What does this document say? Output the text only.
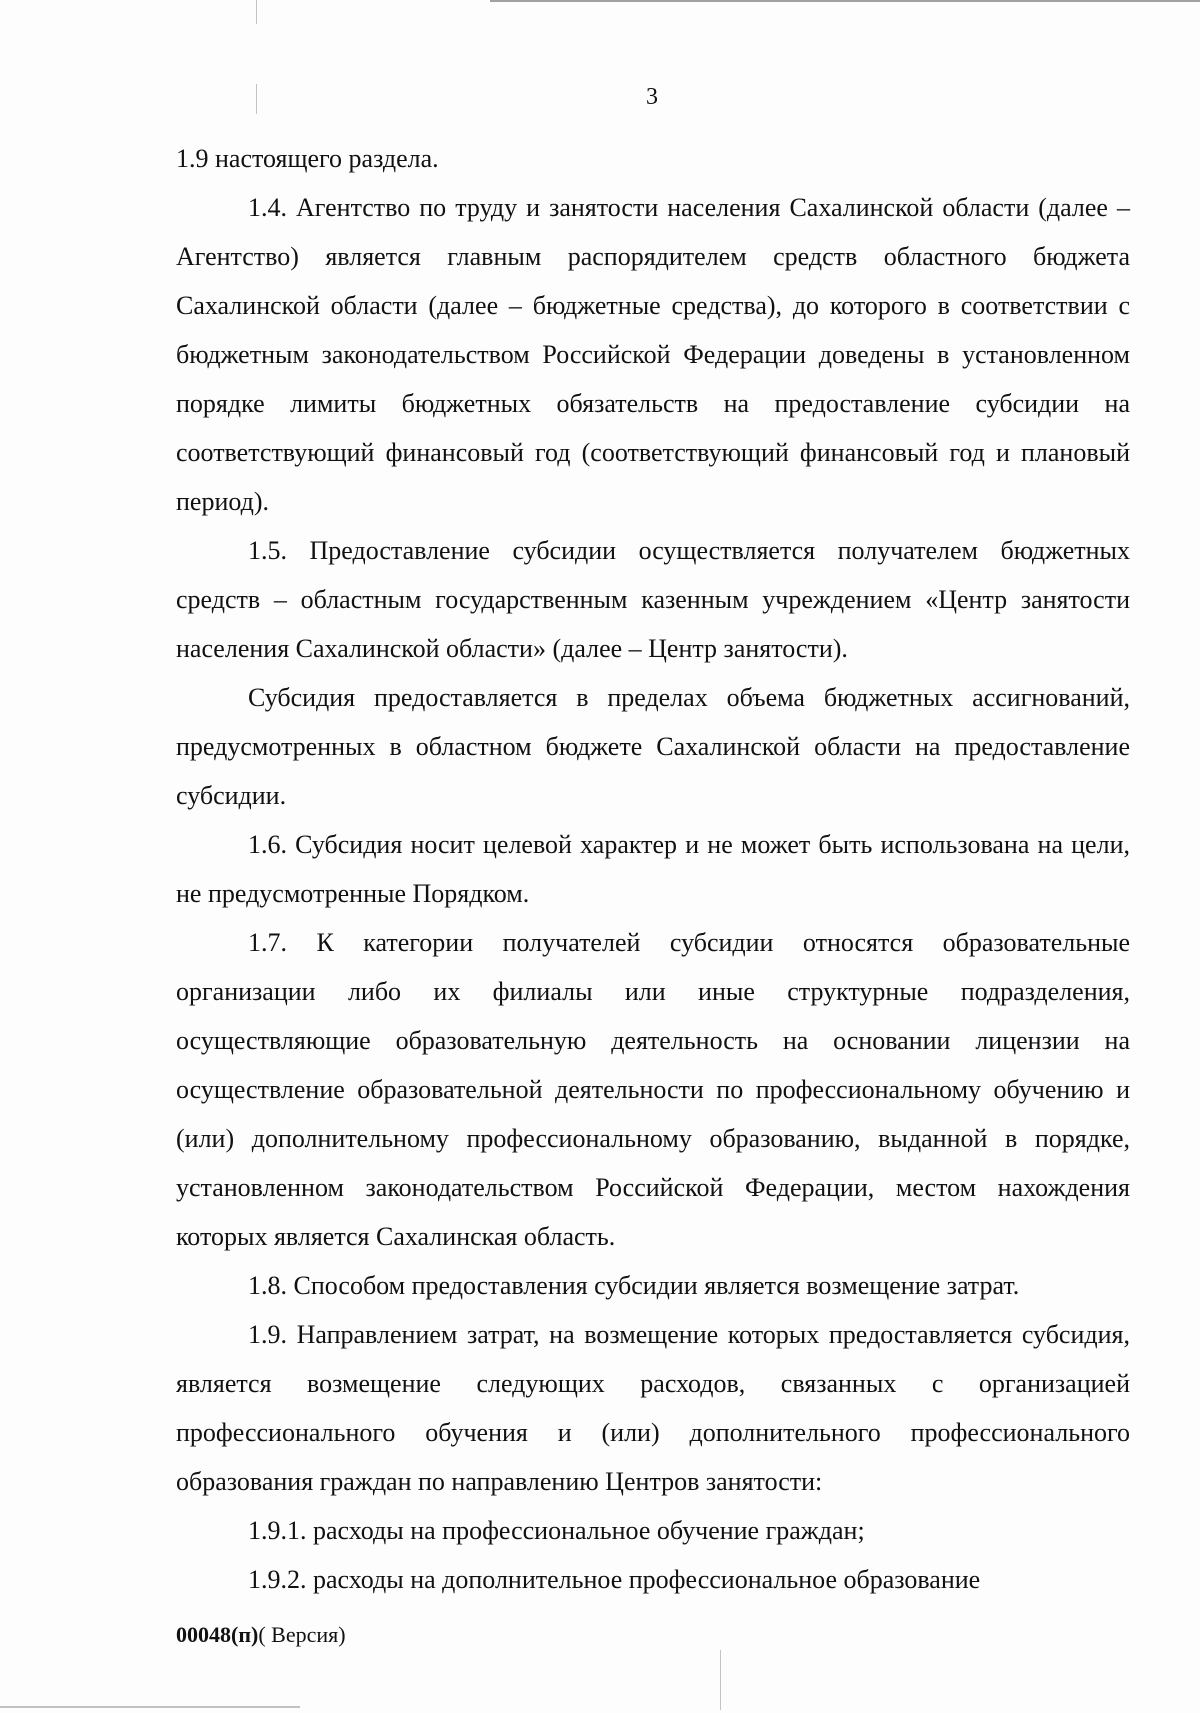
3

1.9 настоящего раздела.

1.4. Агентство по труду и занятости населения Сахалинской области (далее – Агентство) является главным распорядителем средств областного бюджета Сахалинской области (далее – бюджетные средства), до которого в соответствии с бюджетным законодательством Российской Федерации доведены в установленном порядке лимиты бюджетных обязательств на предоставление субсидии на соответствующий финансовый год (соответствующий финансовый год и плановый период).

1.5. Предоставление субсидии осуществляется получателем бюджетных средств – областным государственным казенным учреждением «Центр занятости населения Сахалинской области» (далее – Центр занятости).

Субсидия предоставляется в пределах объема бюджетных ассигнований, предусмотренных в областном бюджете Сахалинской области на предоставление субсидии.

1.6. Субсидия носит целевой характер и не может быть использована на цели, не предусмотренные Порядком.

1.7. К категории получателей субсидии относятся образовательные организации либо их филиалы или иные структурные подразделения, осуществляющие образовательную деятельность на основании лицензии на осуществление образовательной деятельности по профессиональному обучению и (или) дополнительному профессиональному образованию, выданной в порядке, установленном законодательством Российской Федерации, местом нахождения которых является Сахалинская область.

1.8. Способом предоставления субсидии является возмещение затрат.

1.9. Направлением затрат, на возмещение которых предоставляется субсидия, является возмещение следующих расходов, связанных с организацией профессионального обучения и (или) дополнительного профессионального образования граждан по направлению Центров занятости:

1.9.1. расходы на профессиональное обучение граждан;

1.9.2. расходы на дополнительное профессиональное образование

00048(п)( Версия)
